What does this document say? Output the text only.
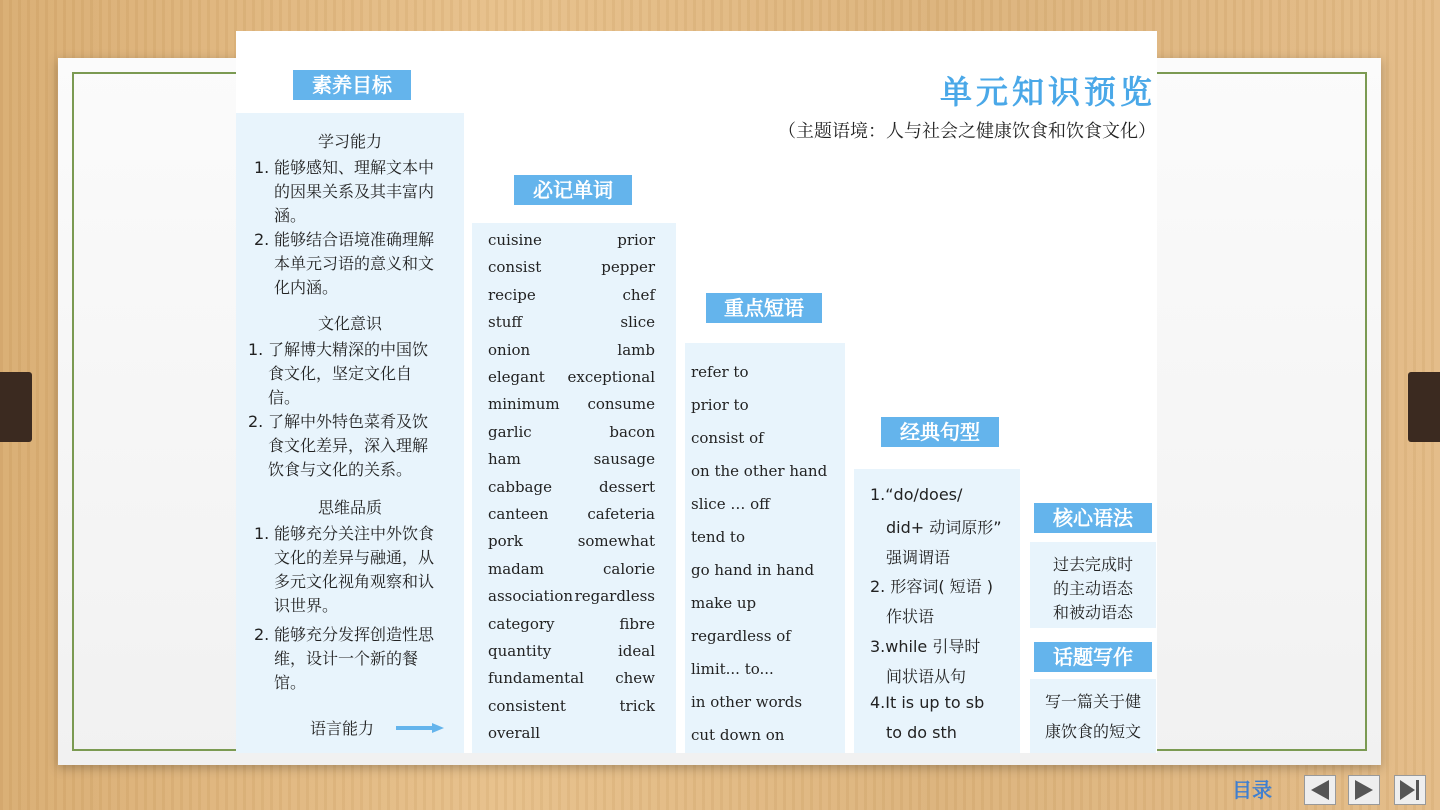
单元知识预览
（主题语境：人与社会之健康饮食和饮食文化）
素养目标
学习能力
1. 能够感知、理解文本中的因果关系及其丰富内涵。
2. 能够结合语境准确理解本单元习语的意义和文化内涵。
文化意识
1. 了解博大精深的中国饮食文化，坚定文化自信。
2. 了解中外特色菜肴及饮食文化差异，深入理解饮食与文化的关系。
思维品质
1. 能够充分关注中外饮食文化的差异与融通，从多元文化视角观察和认识世界。
2. 能够充分发挥创造性思维，设计一个新的餐馆。
语言能力
必记单词
cuisine
consist
recipe
stuff
onion
elegant
minimum
garlic
ham
cabbage
canteen
pork
madam
association
category
quantity
fundamental
consistent
overall
prior
pepper
chef
slice
lamb
exceptional
consume
bacon
sausage
dessert
cafeteria
somewhat
calorie
regardless
fibre
ideal
chew
trick
重点短语
refer to
prior to
consist of
on the other hand
slice … off
tend to
go hand in hand
make up
regardless of
limit... to...
in other words
cut down on
经典句型
1.“do/does/
did+ 动词原形”
强调谓语
2. 形容词( 短语 )
作状语
3.while 引导时
间状语从句
4.It is up to sb
to do sth
核心语法
过去完成时
的主动语态
和被动语态
话题写作
写一篇关于健
康饮食的短文
目录
